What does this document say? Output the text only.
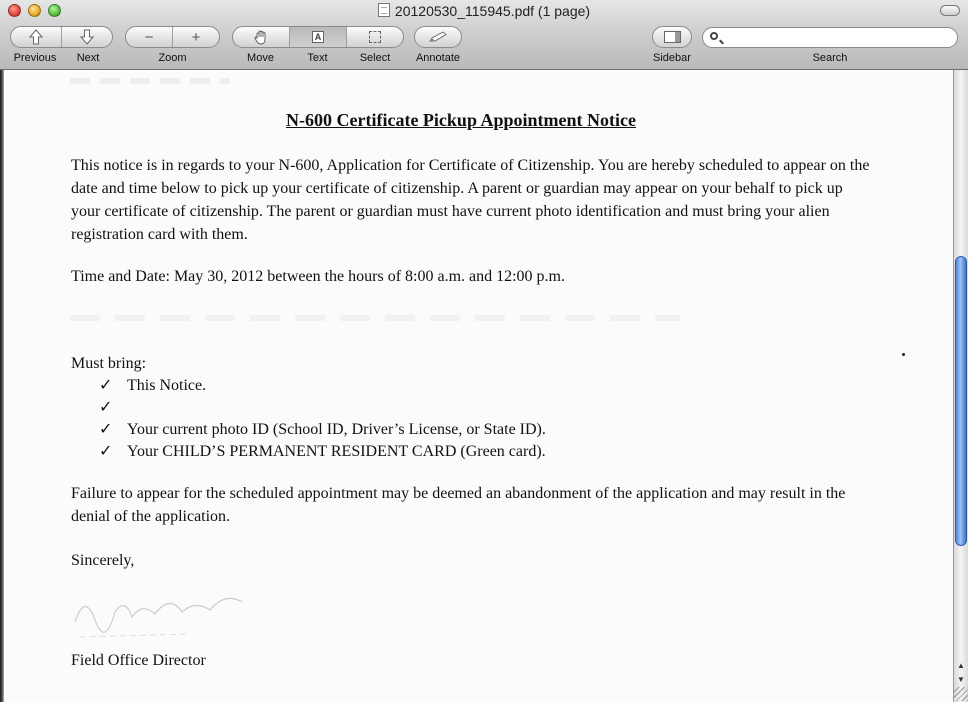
20120530_115945.pdf (1 page)
Previous	Next
−	+
Zoom
A
Move	Text	Select	Annotate	Sidebar	Search
N-600 Certificate Pickup Appointment Notice
This notice is in regards to your N-600, Application for Certificate of Citizenship. You are hereby scheduled to appear on the date and time below to pick up your certificate of citizenship. A parent or guardian may appear on your behalf to pick up your certificate of citizenship. The parent or guardian must have current photo identification and must bring your alien registration card with them.
Time and Date: May 30, 2012 between the hours of 8:00 a.m. and 12:00 p.m.
Must bring:
✓ This Notice.
✓
✓ Your current photo ID (School ID, Driver’s License, or State ID).
✓ Your CHILD’S PERMANENT RESIDENT CARD (Green card).
Failure to appear for the scheduled appointment may be deemed an abandonment of the application and may result in the denial of the application.
Sincerely,
Field Office Director	▲
▼
